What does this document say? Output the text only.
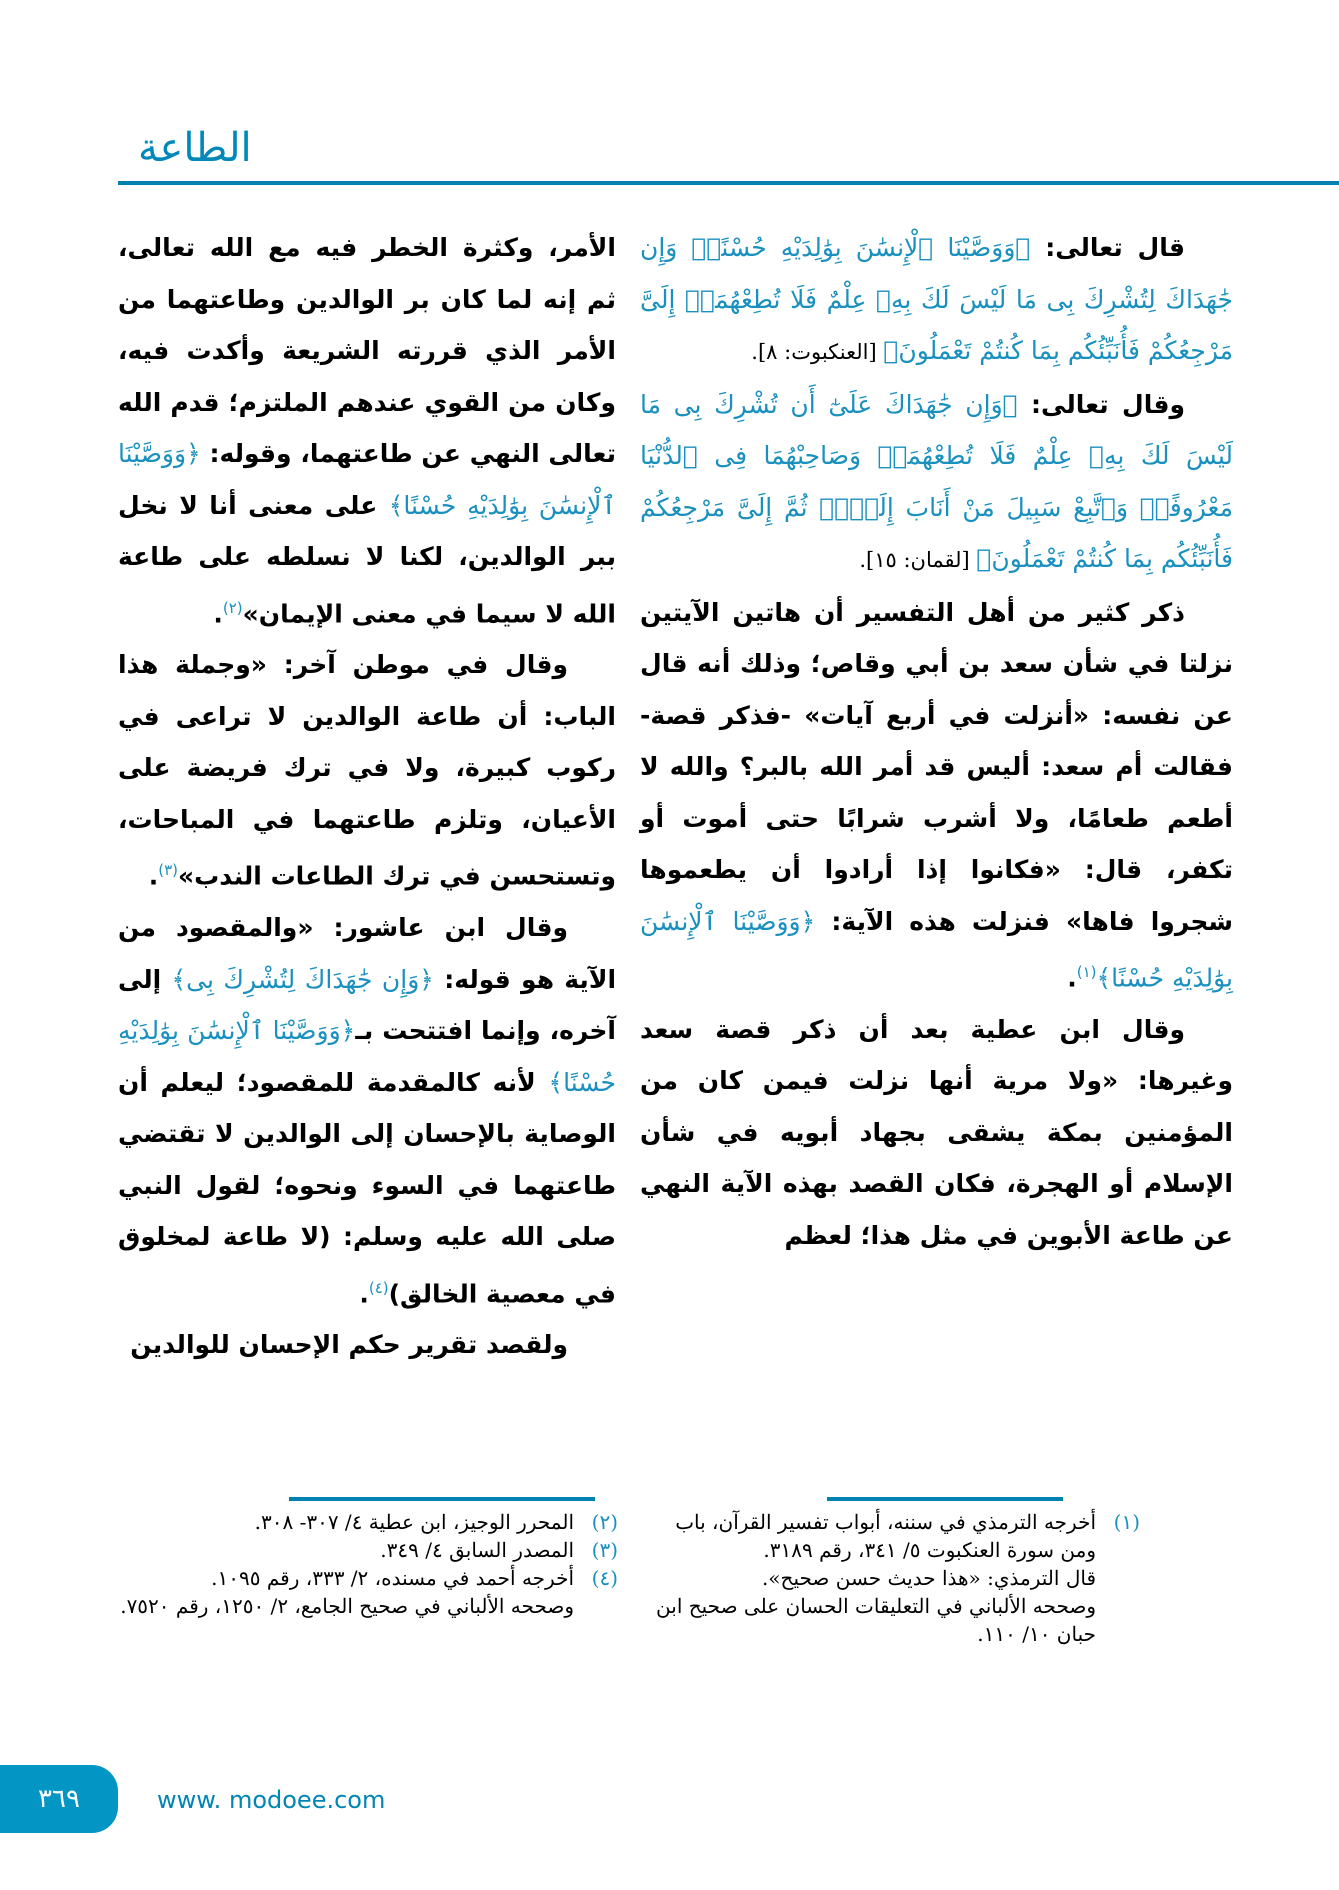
الطاعة

قال تعالى: ﴿وَوَصَّيْنَا ٱلْإِنسَٰنَ بِوَٰلِدَيْهِ حُسْنًاۖ وَإِن جَٰهَدَاكَ لِتُشْرِكَ بِى مَا لَيْسَ لَكَ بِهِۦ عِلْمٌ فَلَا تُطِعْهُمَآۚ إِلَىَّ مَرْجِعُكُمْ فَأُنَبِّئُكُم بِمَا كُنتُمْ تَعْمَلُونَ﴾ [العنكبوت: ٨].

وقال تعالى: ﴿وَإِن جَٰهَدَاكَ عَلَىٰٓ أَن تُشْرِكَ بِى مَا لَيْسَ لَكَ بِهِۦ عِلْمٌ فَلَا تُطِعْهُمَاۖ وَصَاحِبْهُمَا فِى ٱلدُّنْيَا مَعْرُوفًاۖ وَٱتَّبِعْ سَبِيلَ مَنْ أَنَابَ إِلَىَّۚ ثُمَّ إِلَىَّ مَرْجِعُكُمْ فَأُنَبِّئُكُم بِمَا كُنتُمْ تَعْمَلُونَ﴾ [لقمان: ١٥].

ذكر كثير من أهل التفسير أن هاتين الآيتين نزلتا في شأن سعد بن أبي وقاص؛ وذلك أنه قال عن نفسه: «أنزلت في أربع آيات» -فذكر قصة- فقالت أم سعد: أليس قد أمر الله بالبر؟ والله لا أطعم طعامًا، ولا أشرب شرابًا حتى أموت أو تكفر، قال: «فكانوا إذا أرادوا أن يطعموها شجروا فاها» فنزلت هذه الآية: ﴿وَوَصَّيْنَا ٱلْإِنسَٰنَ بِوَٰلِدَيْهِ حُسْنًا﴾$^{(١)}$.

وقال ابن عطية بعد أن ذكر قصة سعد وغيرها: «ولا مرية أنها نزلت فيمن كان من المؤمنين بمكة يشقى بجهاد أبويه في شأن الإسلام أو الهجرة، فكان القصد بهذه الآية النهي عن طاعة الأبوين في مثل هذا؛ لعظم

الأمر، وكثرة الخطر فيه مع الله تعالى، ثم إنه لما كان بر الوالدين وطاعتهما من الأمر الذي قررته الشريعة وأكدت فيه، وكان من القوي عندهم الملتزم؛ قدم الله تعالى النهي عن طاعتهما، وقوله: ﴿وَوَصَّيْنَا ٱلْإِنسَٰنَ بِوَٰلِدَيْهِ حُسْنًا﴾ على معنى أنا لا نخل ببر الوالدين، لكنا لا نسلطه على طاعة الله لا سيما في معنى الإيمان»$^{(٢)}$.

وقال في موطن آخر: «وجملة هذا الباب: أن طاعة الوالدين لا تراعى في ركوب كبيرة، ولا في ترك فريضة على الأعيان، وتلزم طاعتهما في المباحات، وتستحسن في ترك الطاعات الندب»$^{(٣)}$.

وقال ابن عاشور: «والمقصود من الآية هو قوله: ﴿وَإِن جَٰهَدَاكَ لِتُشْرِكَ بِى﴾ إلى آخره، وإنما افتتحت بـ﴿وَوَصَّيْنَا ٱلْإِنسَٰنَ بِوَٰلِدَيْهِ حُسْنًا﴾ لأنه كالمقدمة للمقصود؛ ليعلم أن الوصاية بالإحسان إلى الوالدين لا تقتضي طاعتهما في السوء ونحوه؛ لقول النبي صلى الله عليه وسلم: (لا طاعة لمخلوق في معصية الخالق)$^{(٤)}$.

ولقصد تقرير حكم الإحسان للوالدين

(١)
أخرجه الترمذي في سننه، أبواب تفسير القرآن، باب ومن سورة العنكبوت ٥/ ٣٤١، رقم ٣١٨٩.
قال الترمذي: «هذا حديث حسن صحيح».
وصححه الألباني في التعليقات الحسان على صحيح ابن حبان ١٠/ ١١٠.
(٢)
المحرر الوجيز، ابن عطية ٤/ ٣٠٧- ٣٠٨.
(٣)
المصدر السابق ٤/ ٣٤٩.
(٤)
أخرجه أحمد في مسنده، ٢/ ٣٣٣، رقم ١٠٩٥.
وصححه الألباني في صحيح الجامع، ٢/ ١٢٥٠، رقم ٧٥٢٠.
٣٦٩	www. modoee.com
